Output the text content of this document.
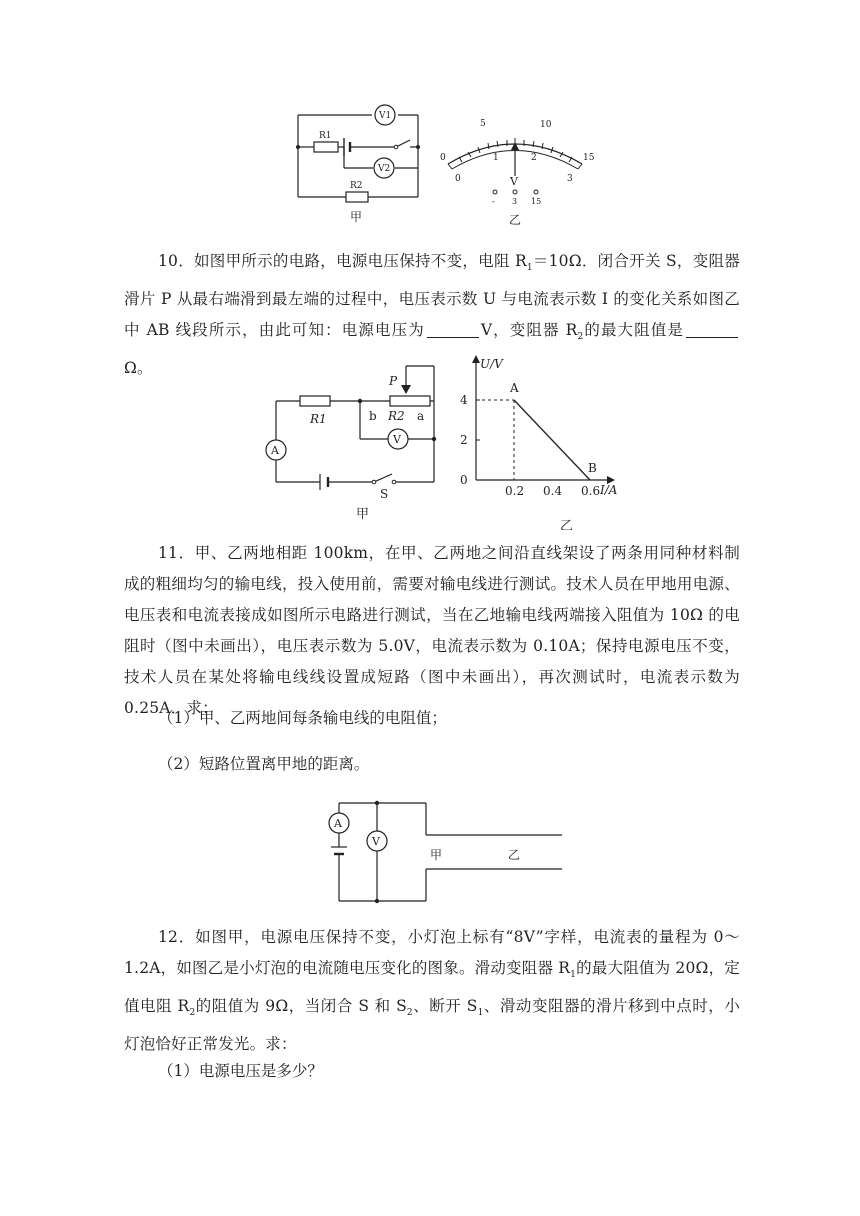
R1
R2
V1
V2
甲
0
5	10
15
0
1	2
3
V
- 3 15
乙
10．如图甲所示的电路，电源电压保持不变，电阻 $R_1=10\Omega$．闭合开关 S，变阻器滑片 P 从最右端滑到最左端的过程中，电压表示数 U 与电流表示数 I 的变化关系如图乙中 AB 线段所示，由此可知：电源电压为	V，变阻器 $R_2$的最大阻值是Ω。
R1
P
b R2 a
A
V
S
甲
U/V
I/A
0
2
4
0.2 0.4 0.6
A
B
乙
11．甲、乙两地相距 100km，在甲、乙两地之间沿直线架设了两条用同种材料制成的粗细均匀的输电线，投入使用前，需要对输电线进行测试。技术人员在甲地用电源、电压表和电流表接成如图所示电路进行测试，当在乙地输电线两端接入阻值为 10Ω 的电阻时（图中未画出），电压表示数为 5.0V，电流表示数为 0.10A；保持电源电压不变，技术人员在某处将输电线线设置成短路（图中未画出），再次测试时，电流表示数为 0.25A．求：
（1）甲、乙两地间每条输电线的电阻值；
（2）短路位置离甲地的距离。
A
V
甲	乙
12．如图甲，电源电压保持不变，小灯泡上标有“8V”字样，电流表的量程为 0～1.2A，如图乙是小灯泡的电流随电压变化的图象。滑动变阻器 $R_1$的最大阻值为 20Ω，定值电阻 $R_2$的阻值为 9Ω，当闭合 S 和 $S_2$、断开 $S_1$、滑动变阻器的滑片移到中点时，小灯泡恰好正常发光。求：
（1）电源电压是多少？
